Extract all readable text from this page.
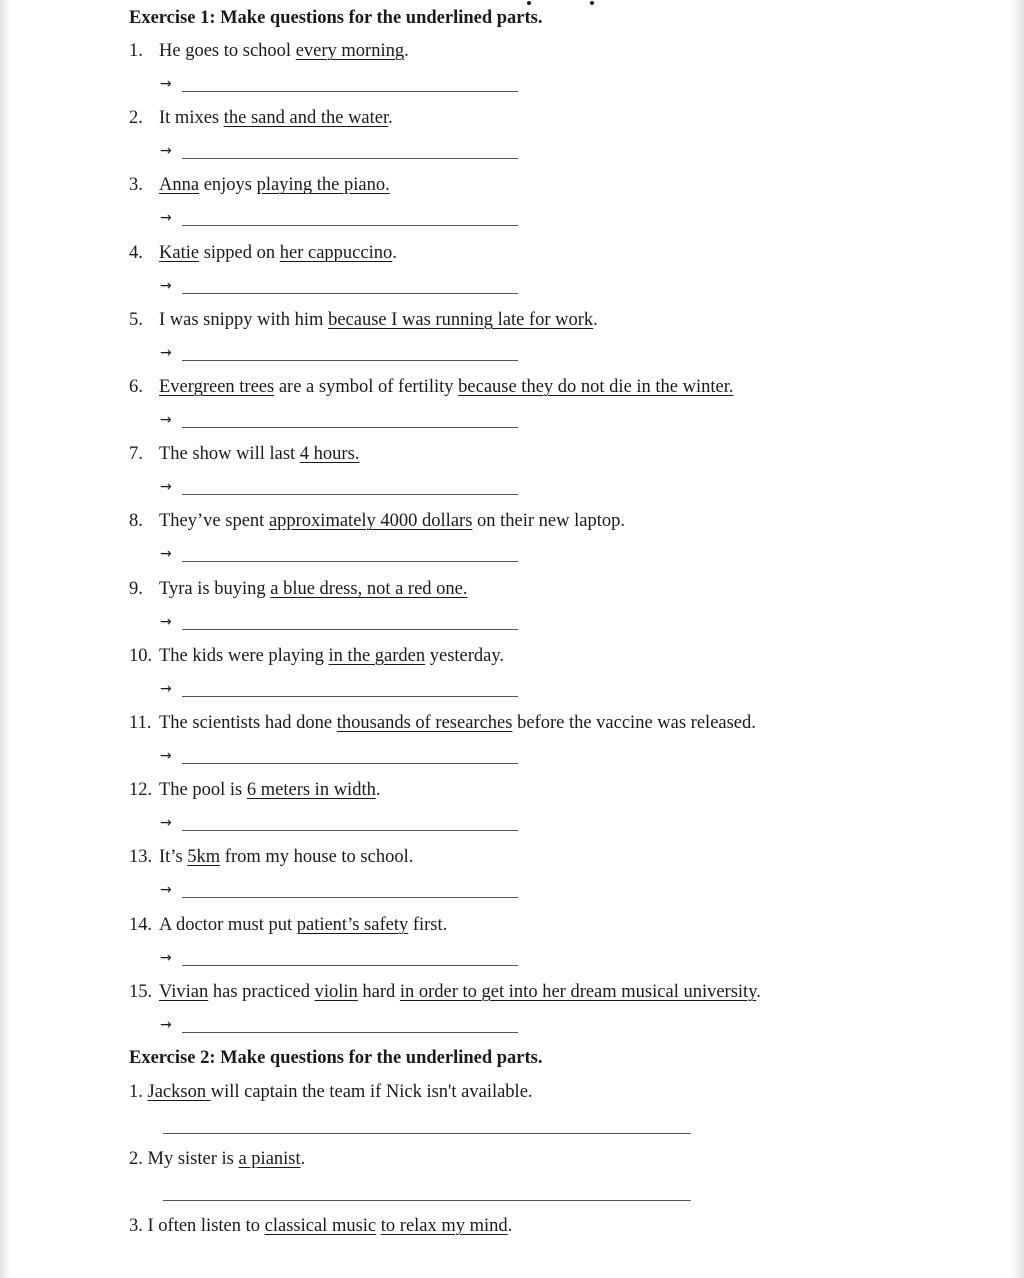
Exercise 1: Make questions for the underlined parts.
1. He goes to school every morning.
→
2. It mixes the sand and the water.
→
3. Anna enjoys playing the piano.
→
4. Katie sipped on her cappuccino.
→
5. I was snippy with him because I was running late for work.
→
6. Evergreen trees are a symbol of fertility because they do not die in the winter.
→
7. The show will last 4 hours.
→
8. They’ve spent approximately 4000 dollars on their new laptop.
→
9. Tyra is buying a blue dress, not a red one.
→
10. The kids were playing in the garden yesterday.
→
11. The scientists had done thousands of researches before the vaccine was released.
→
12. The pool is 6 meters in width.
→
13. It’s 5km from my house to school.
→
14. A doctor must put patient’s safety first.
→
15. Vivian has practiced violin hard in order to get into her dream musical university.
→
Exercise 2: Make questions for the underlined parts.
1. Jackson will captain the team if Nick isn't available.
2. My sister is a pianist.
3. I often listen to classical music to relax my mind.
